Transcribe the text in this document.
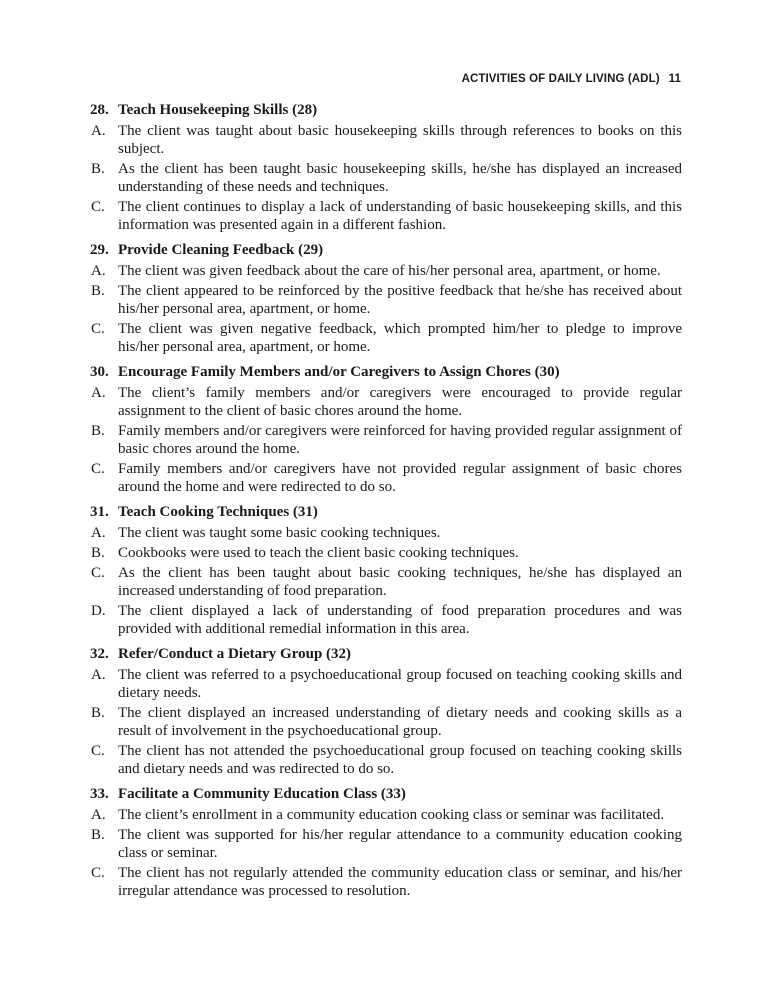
ACTIVITIES OF DAILY LIVING (ADL) 11
28. Teach Housekeeping Skills (28)
A. The client was taught about basic housekeeping skills through references to books on this subject.
B. As the client has been taught basic housekeeping skills, he/she has displayed an increased understanding of these needs and techniques.
C. The client continues to display a lack of understanding of basic housekeeping skills, and this information was presented again in a different fashion.
29. Provide Cleaning Feedback (29)
A. The client was given feedback about the care of his/her personal area, apartment, or home.
B. The client appeared to be reinforced by the positive feedback that he/she has received about his/her personal area, apartment, or home.
C. The client was given negative feedback, which prompted him/her to pledge to improve his/her personal area, apartment, or home.
30. Encourage Family Members and/or Caregivers to Assign Chores (30)
A. The client’s family members and/or caregivers were encouraged to provide regular assignment to the client of basic chores around the home.
B. Family members and/or caregivers were reinforced for having provided regular assignment of basic chores around the home.
C. Family members and/or caregivers have not provided regular assignment of basic chores around the home and were redirected to do so.
31. Teach Cooking Techniques (31)
A. The client was taught some basic cooking techniques.
B. Cookbooks were used to teach the client basic cooking techniques.
C. As the client has been taught about basic cooking techniques, he/she has displayed an increased understanding of food preparation.
D. The client displayed a lack of understanding of food preparation procedures and was provided with additional remedial information in this area.
32. Refer/Conduct a Dietary Group (32)
A. The client was referred to a psychoeducational group focused on teaching cooking skills and dietary needs.
B. The client displayed an increased understanding of dietary needs and cooking skills as a result of involvement in the psychoeducational group.
C. The client has not attended the psychoeducational group focused on teaching cooking skills and dietary needs and was redirected to do so.
33. Facilitate a Community Education Class (33)
A. The client’s enrollment in a community education cooking class or seminar was facilitated.
B. The client was supported for his/her regular attendance to a community education cooking class or seminar.
C. The client has not regularly attended the community education class or seminar, and his/her irregular attendance was processed to resolution.
